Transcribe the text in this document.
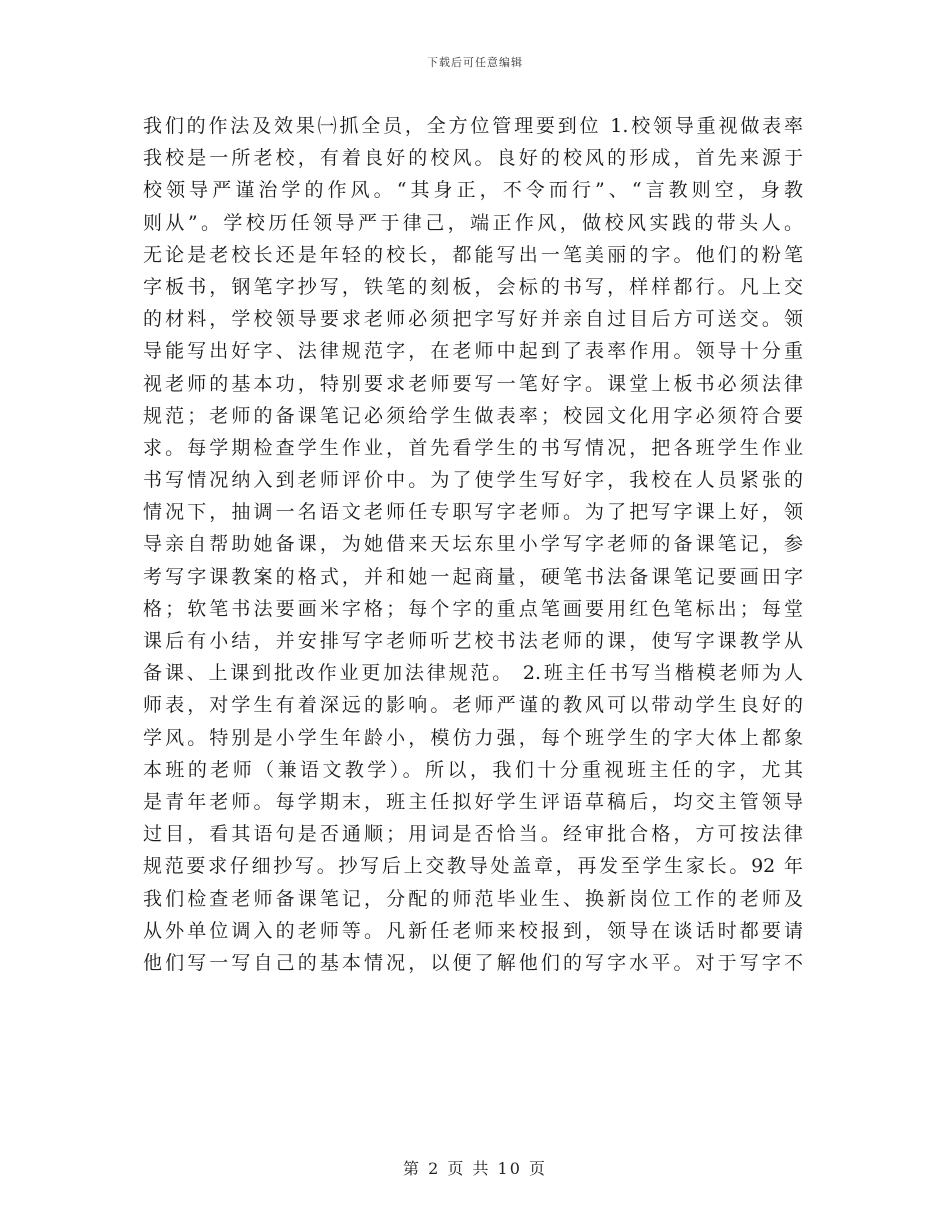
下载后可任意编辑
我们的作法及效果㈠抓全员，全方位管理要到位 1.校领导重视做表率
我校是一所老校，有着良好的校风。良好的校风的形成，首先来源于
校领导严谨治学的作风。“其身正，不令而行”、“言教则空，身教
则从”。学校历任领导严于律己，端正作风，做校风实践的带头人。
无论是老校长还是年轻的校长，都能写出一笔美丽的字。他们的粉笔
字板书，钢笔字抄写，铁笔的刻板，会标的书写，样样都行。凡上交
的材料，学校领导要求老师必须把字写好并亲自过目后方可送交。领
导能写出好字、法律规范字，在老师中起到了表率作用。领导十分重
视老师的基本功，特别要求老师要写一笔好字。课堂上板书必须法律
规范；老师的备课笔记必须给学生做表率；校园文化用字必须符合要
求。每学期检查学生作业，首先看学生的书写情况，把各班学生作业
书写情况纳入到老师评价中。为了使学生写好字，我校在人员紧张的
情况下，抽调一名语文老师任专职写字老师。为了把写字课上好，领
导亲自帮助她备课，为她借来天坛东里小学写字老师的备课笔记，参
考写字课教案的格式，并和她一起商量，硬笔书法备课笔记要画田字
格；软笔书法要画米字格；每个字的重点笔画要用红色笔标出；每堂
课后有小结，并安排写字老师听艺校书法老师的课，使写字课教学从
备课、上课到批改作业更加法律规范。 2.班主任书写当楷模老师为人
师表，对学生有着深远的影响。老师严谨的教风可以带动学生良好的
学风。特别是小学生年龄小，模仿力强，每个班学生的字大体上都象
本班的老师（兼语文教学）。所以，我们十分重视班主任的字，尤其
是青年老师。每学期末，班主任拟好学生评语草稿后，均交主管领导
过目，看其语句是否通顺；用词是否恰当。经审批合格，方可按法律
规范要求仔细抄写。抄写后上交教导处盖章，再发至学生家长。92 年
我们检查老师备课笔记，分配的师范毕业生、换新岗位工作的老师及
从外单位调入的老师等。凡新任老师来校报到，领导在谈话时都要请
他们写一写自己的基本情况，以便了解他们的写字水平。对于写字不
第 2 页 共 10 页
